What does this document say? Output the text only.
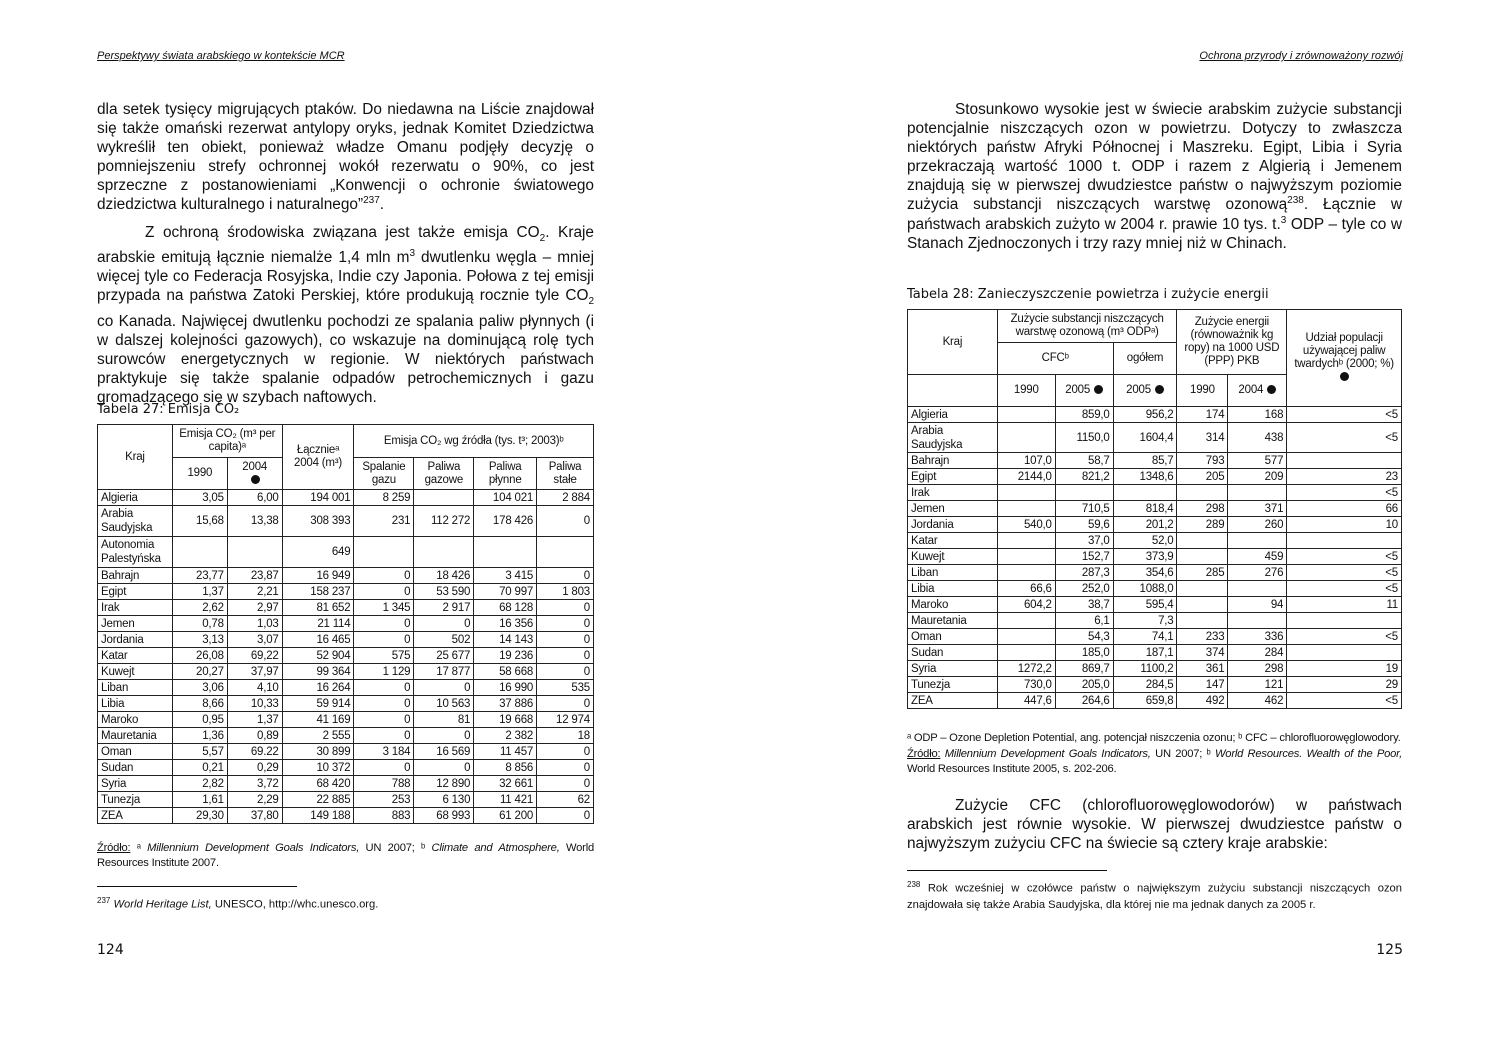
Perspektywy świata arabskiego w kontekście MCR

dla setek tysięcy migrujących ptaków. Do niedawna na Liście znajdował się także omański rezerwat antylopy oryks, jednak Komitet Dziedzictwa wykreślił ten obiekt, ponieważ władze Omanu podjęły decyzję o pomniejszeniu strefy ochronnej wokół rezerwatu o 90%, co jest sprzeczne z postanowieniami „Konwencji o ochronie światowego dziedzictwa kulturalnego i naturalnego”$^{237}$.

Z ochroną środowiska związana jest także emisja $CO_2$. Kraje arabskie emitują łącznie niemalże 1,4 mln $m^3$ dwutlenku węgla – mniej więcej tyle co Federacja Rosyjska, Indie czy Japonia. Połowa z tej emisji przypada na państwa Zatoki Perskiej, które produkują rocznie tyle $CO_2$ co Kanada. Najwięcej dwutlenku pochodzi ze spalania paliw płynnych (i w dalszej kolejności gazowych), co wskazuje na dominującą rolę tych surowców energetycznych w regionie. W niektórych państwach praktykuje się także spalanie odpadów petrochemicznych i gazu gromadzącego się w szybach naftowych.

Tabela 27: Emisja CO₂
Kraj	Emisja CO₂ (m³ per capita)ᵃ		Łącznieᵃ 2004 (m³)	Emisja CO₂ wg źródła (tys. t³; 2003)ᵇ			
	1990	2004		Spalanie gazu	Paliwa gazowe	Paliwa płynne	Paliwa stałe
Algieria	3,05	6,00	194 001	8 259		104 021	2 884
Arabia Saudyjska	15,68	13,38	308 393	231	112 272	178 426	0
Autonomia Palestyńska			649				
Bahrajn	23,77	23,87	16 949	0	18 426	3 415	0
Egipt	1,37	2,21	158 237	0	53 590	70 997	1 803
Irak	2,62	2,97	81 652	1 345	2 917	68 128	0
Jemen	0,78	1,03	21 114	0	0	16 356	0
Jordania	3,13	3,07	16 465	0	502	14 143	0
Katar	26,08	69,22	52 904	575	25 677	19 236	0
Kuwejt	20,27	37,97	99 364	1 129	17 877	58 668	0
Liban	3,06	4,10	16 264	0	0	16 990	535
Libia	8,66	10,33	59 914	0	10 563	37 886	0
Maroko	0,95	1,37	41 169	0	81	19 668	12 974
Mauretania	1,36	0,89	2 555	0	0	2 382	18
Oman	5,57	69.22	30 899	3 184	16 569	11 457	0
Sudan	0,21	0,29	10 372	0	0	8 856	0
Syria	2,82	3,72	68 420	788	12 890	32 661	0
Tunezja	1,61	2,29	22 885	253	6 130	11 421	62
ZEA	29,30	37,80	149 188	883	68 993	61 200	0

Źródło: ᵃ Millennium Development Goals Indicators, UN 2007; ᵇ Climate and Atmosphere, World Resources Institute 2007.

$^{237}$ World Heritage List, UNESCO, http://whc.unesco.org.

124
Ochrona przyrody i zrównoważony rozwój

Stosunkowo wysokie jest w świecie arabskim zużycie substancji potencjalnie niszczących ozon w powietrzu. Dotyczy to zwłaszcza niektórych państw Afryki Północnej i Maszreku. Egipt, Libia i Syria przekraczają wartość 1000 t. ODP i razem z Algierią i Jemenem znajdują się w pierwszej dwudziestce państw o najwyższym poziomie zużycia substancji niszczących warstwę ozonową$^{238}$. Łącznie w państwach arabskich zużyto w 2004 r. prawie 10 tys. t.$^3$ ODP – tyle co w Stanach Zjednoczonych i trzy razy mniej niż w Chinach.

Tabela 28: Zanieczyszczenie powietrza i zużycie energii
Kraj	Zużycie substancji niszczących warstwę ozonową (m³ ODPᵃ)			Zużycie energii (równoważnik kg ropy) na 1000 USD (PPP) PKB		Udział populacji używającej paliw twardychᵇ (2000; %)
	CFCᵇ		ogółem			
	1990	2005	2005	1990	2004	
Algieria		859,0	956,2	174	168	<5
Arabia Saudyjska		1150,0	1604,4	314	438	<5
Bahrajn	107,0	58,7	85,7	793	577	
Egipt	2144,0	821,2	1348,6	205	209	23
Irak						<5
Jemen		710,5	818,4	298	371	66
Jordania	540,0	59,6	201,2	289	260	10
Katar		37,0	52,0			
Kuwejt		152,7	373,9		459	<5
Liban		287,3	354,6	285	276	<5
Libia	66,6	252,0	1088,0			<5
Maroko	604,2	38,7	595,4		94	11
Mauretania		6,1	7,3			
Oman		54,3	74,1	233	336	<5
Sudan		185,0	187,1	374	284	
Syria	1272,2	869,7	1100,2	361	298	19
Tunezja	730,0	205,0	284,5	147	121	29
ZEA	447,6	264,6	659,8	492	462	<5

ᵃ ODP – Ozone Depletion Potential, ang. potencjał niszczenia ozonu; ᵇ CFC – chlorofluorowęglowodory.

Źródło: Millennium Development Goals Indicators, UN 2007; ᵇ World Resources. Wealth of the Poor, World Resources Institute 2005, s. 202-206.

Zużycie CFC (chlorofluorowęglowodorów) w państwach arabskich jest równie wysokie. W pierwszej dwudziestce państw o najwyższym zużyciu CFC na świecie są cztery kraje arabskie:

$^{238}$ Rok wcześniej w czołówce państw o największym zużyciu substancji niszczących ozon znajdowała się także Arabia Saudyjska, dla której nie ma jednak danych za 2005 r.

125
